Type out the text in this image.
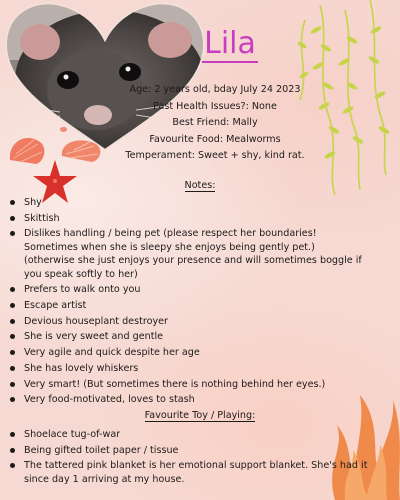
Lila
Age: 2 years old, bday July 24 2023
Past Health Issues?: None
Best Friend: Mally
Favourite Food: Mealworms
Temperament: Sweet + shy, kind rat.
Notes:
Shy
Skittish
Dislikes handling / being pet (please respect her boundaries! Sometimes when she is sleepy she enjoys being gently pet.) (otherwise she just enjoys your presence and will sometimes boggle if you speak softly to her)
Prefers to walk onto you
Escape artist
Devious houseplant destroyer
She is very sweet and gentle
Very agile and quick despite her age
She has lovely whiskers
Very smart! (But sometimes there is nothing behind her eyes.)
Very food-motivated, loves to stash
Favourite Toy / Playing:
Shoelace tug-of-war
Being gifted toilet paper / tissue
The tattered pink blanket is her emotional support blanket. She's had it since day 1 arriving at my house.
